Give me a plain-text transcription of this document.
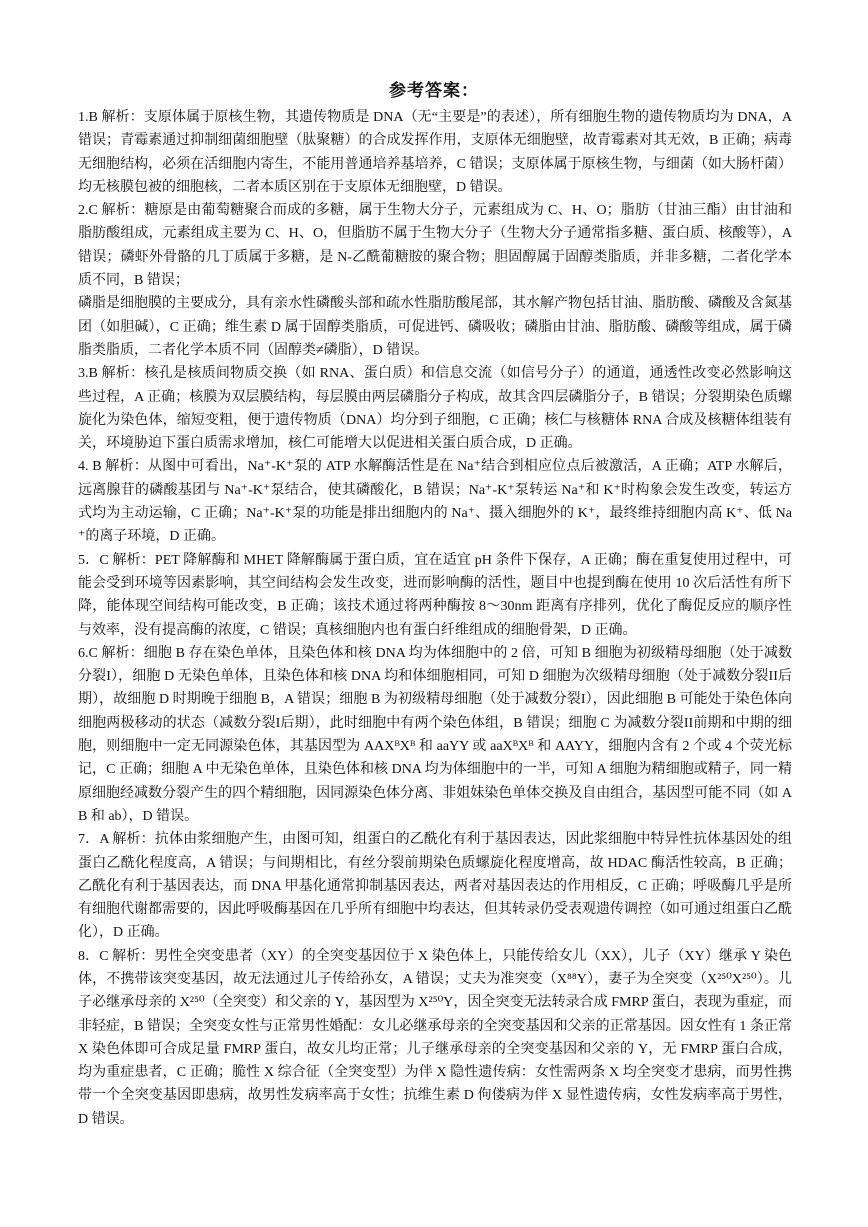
参考答案：

1.B 解析：支原体属于原核生物，其遗传物质是 DNA（无“主要是”的表述），所有细胞生物的遗传物质均为 DNA，A 错误；青霉素通过抑制细菌细胞壁（肽聚糖）的合成发挥作用，支原体无细胞壁，故青霉素对其无效，B 正确；病毒无细胞结构，必须在活细胞内寄生，不能用普通培养基培养，C 错误；支原体属于原核生物，与细菌（如大肠杆菌）均无核膜包被的细胞核，二者本质区别在于支原体无细胞壁，D 错误。

2.C 解析：糖原是由葡萄糖聚合而成的多糖，属于生物大分子，元素组成为 C、H、O；脂肪（甘油三酯）由甘油和脂肪酸组成，元素组成主要为 C、H、O，但脂肪不属于生物大分子（生物大分子通常指多糖、蛋白质、核酸等），A 错误；磷虾外骨骼的几丁质属于多糖，是 N-乙酰葡糖胺的聚合物；胆固醇属于固醇类脂质，并非多糖，二者化学本质不同，B 错误；

磷脂是细胞膜的主要成分，具有亲水性磷酸头部和疏水性脂肪酸尾部，其水解产物包括甘油、脂肪酸、磷酸及含氮基团（如胆碱），C 正确；维生素 D 属于固醇类脂质，可促进钙、磷吸收；磷脂由甘油、脂肪酸、磷酸等组成，属于磷脂类脂质，二者化学本质不同（固醇类≠磷脂），D 错误。

3.B 解析：核孔是核质间物质交换（如 RNA、蛋白质）和信息交流（如信号分子）的通道，通透性改变必然影响这些过程，A 正确；核膜为双层膜结构，每层膜由两层磷脂分子构成，故其含四层磷脂分子，B 错误；分裂期染色质螺旋化为染色体，缩短变粗，便于遗传物质（DNA）均分到子细胞，C 正确；核仁与核糖体 RNA 合成及核糖体组装有关，环境胁迫下蛋白质需求增加，核仁可能增大以促进相关蛋白质合成，D 正确。

4. B 解析：从图中可看出，Na⁺-K⁺泵的 ATP 水解酶活性是在 Na⁺结合到相应位点后被激活，A 正确；ATP 水解后，远离腺苷的磷酸基团与 Na⁺-K⁺泵结合，使其磷酸化，B 错误；Na⁺-K⁺泵转运 Na⁺和 K⁺时构象会发生改变，转运方式均为主动运输，C 正确；Na⁺-K⁺泵的功能是排出细胞内的 Na⁺、摄入细胞外的 K⁺，最终维持细胞内高 K⁺、低 Na⁺的离子环境，D 正确。

5．C 解析：PET 降解酶和 MHET 降解酶属于蛋白质，宜在适宜 pH 条件下保存，A 正确；酶在重复使用过程中，可能会受到环境等因素影响，其空间结构会发生改变，进而影响酶的活性，题目中也提到酶在使用 10 次后活性有所下降，能体现空间结构可能改变，B 正确；该技术通过将两种酶按 8～30nm 距离有序排列，优化了酶促反应的顺序性与效率，没有提高酶的浓度，C 错误；真核细胞内也有蛋白纤维组成的细胞骨架，D 正确。

6.C 解析：细胞 B 存在染色单体，且染色体和核 DNA 均为体细胞中的 2 倍，可知 B 细胞为初级精母细胞（处于减数分裂I），细胞 D 无染色单体，且染色体和核 DNA 均和体细胞相同，可知 D 细胞为次级精母细胞（处于减数分裂II后期），故细胞 D 时期晚于细胞 B，A 错误；细胞 B 为初级精母细胞（处于减数分裂I），因此细胞 B 可能处于染色体向细胞两极移动的状态（减数分裂I后期），此时细胞中有两个染色体组，B 错误；细胞 C 为减数分裂II前期和中期的细胞，则细胞中一定无同源染色体，其基因型为 AAXᴮXᴮ 和 aaYY 或 aaXᴮXᴮ 和 AAYY，细胞内含有 2 个或 4 个荧光标记，C 正确；细胞 A 中无染色单体，且染色体和核 DNA 均为体细胞中的一半，可知 A 细胞为精细胞或精子，同一精原细胞经减数分裂产生的四个精细胞，因同源染色体分离、非姐妹染色单体交换及自由组合，基因型可能不同（如 AB 和 ab），D 错误。

7．A 解析：抗体由浆细胞产生，由图可知，组蛋白的乙酰化有利于基因表达，因此浆细胞中特异性抗体基因处的组蛋白乙酰化程度高，A 错误；与间期相比，有丝分裂前期染色质螺旋化程度增高，故 HDAC 酶活性较高，B 正确；乙酰化有利于基因表达，而 DNA 甲基化通常抑制基因表达，两者对基因表达的作用相反，C 正确；呼吸酶几乎是所有细胞代谢都需要的，因此呼吸酶基因在几乎所有细胞中均表达，但其转录仍受表观遗传调控（如可通过组蛋白乙酰化），D 正确。

8．C 解析：男性全突变患者（XY）的全突变基因位于 X 染色体上，只能传给女儿（XX），儿子（XY）继承 Y 染色体，不携带该突变基因，故无法通过儿子传给孙女，A 错误；丈夫为准突变（X⁸⁸Y），妻子为全突变（X²⁵⁰X²⁵⁰）。儿子必继承母亲的 X²⁵⁰（全突变）和父亲的 Y，基因型为 X²⁵⁰Y，因全突变无法转录合成 FMRP 蛋白，表现为重症，而非轻症，B 错误；全突变女性与正常男性婚配：女儿必继承母亲的全突变基因和父亲的正常基因。因女性有 1 条正常 X 染色体即可合成足量 FMRP 蛋白，故女儿均正常；儿子继承母亲的全突变基因和父亲的 Y，无 FMRP 蛋白合成，均为重症患者，C 正确；脆性 X 综合征（全突变型）为伴 X 隐性遗传病：女性需两条 X 均全突变才患病，而男性携带一个全突变基因即患病，故男性发病率高于女性；抗维生素 D 佝偻病为伴 X 显性遗传病，女性发病率高于男性，D 错误。
